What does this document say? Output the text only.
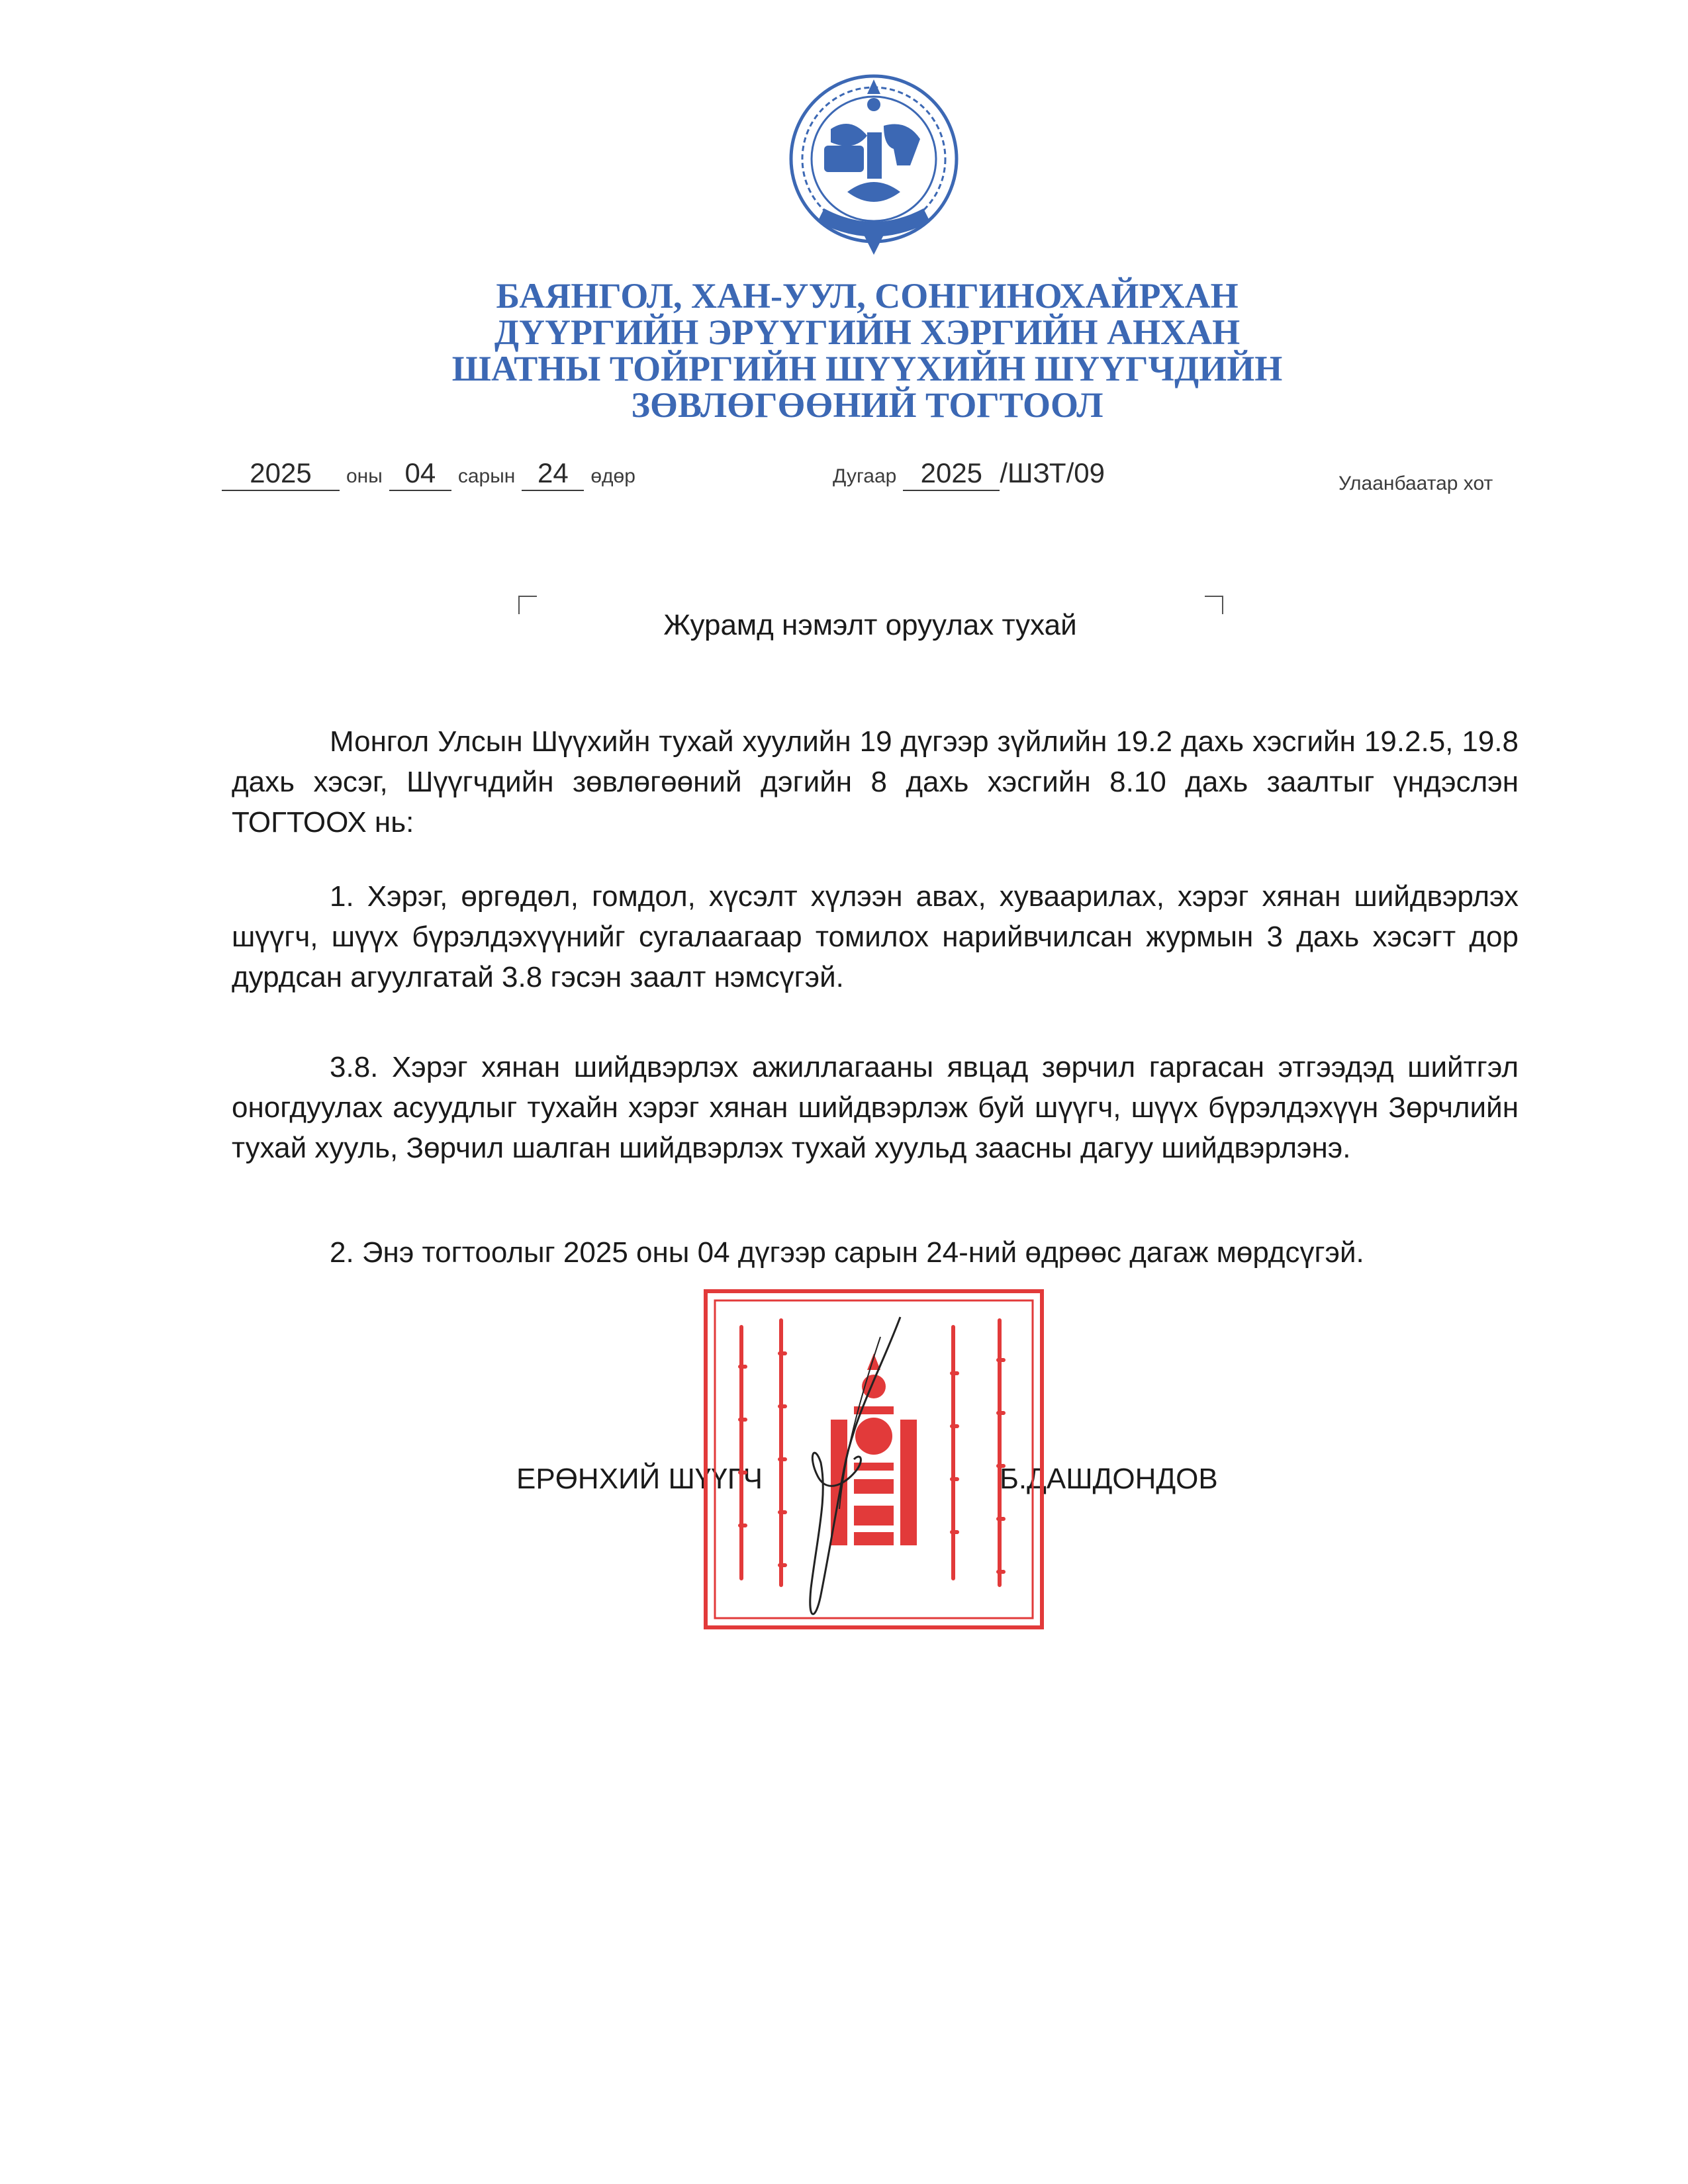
БАЯНГОЛ, ХАН-УУЛ, СОНГИНОХАЙРХАН
ДҮҮРГИЙН ЭРҮҮГИЙН ХЭРГИЙН АНХАН
ШАТНЫ ТОЙРГИЙН ШҮҮХИЙН ШҮҮГЧДИЙН
ЗӨВЛӨГӨӨНИЙ ТОГТООЛ
2025 оны 04 сарын 24 өдөр	Дугаар 2025 /ШЗТ/09	Улаанбаатар хот
Журамд нэмэлт оруулах тухай

Монгол Улсын Шүүхийн тухай хуулийн 19 дүгээр зүйлийн 19.2 дахь хэсгийн 19.2.5, 19.8 дахь хэсэг, Шүүгчдийн зөвлөгөөний дэгийн 8 дахь хэсгийн 8.10 дахь заалтыг үндэслэн ТОГТООХ нь:

1. Хэрэг, өргөдөл, гомдол, хүсэлт хүлээн авах, хуваарилах, хэрэг хянан шийдвэрлэх шүүгч, шүүх бүрэлдэхүүнийг сугалаагаар томилох нарийвчилсан журмын 3 дахь хэсэгт дор дурдсан агуулгатай 3.8 гэсэн заалт нэмсүгэй.

3.8. Хэрэг хянан шийдвэрлэх ажиллагааны явцад зөрчил гаргасан этгээдэд шийтгэл оногдуулах асуудлыг тухайн хэрэг хянан шийдвэрлэж буй шүүгч, шүүх бүрэлдэхүүн Зөрчлийн тухай хууль, Зөрчил шалган шийдвэрлэх тухай хуульд заасны дагуу шийдвэрлэнэ.

2. Энэ тогтоолыг 2025 оны 04 дүгээр сарын 24-ний өдрөөс дагаж мөрдсүгэй.

ЕРӨНХИЙ ШҮҮГЧ	Б.ДАШДОНДОВ
